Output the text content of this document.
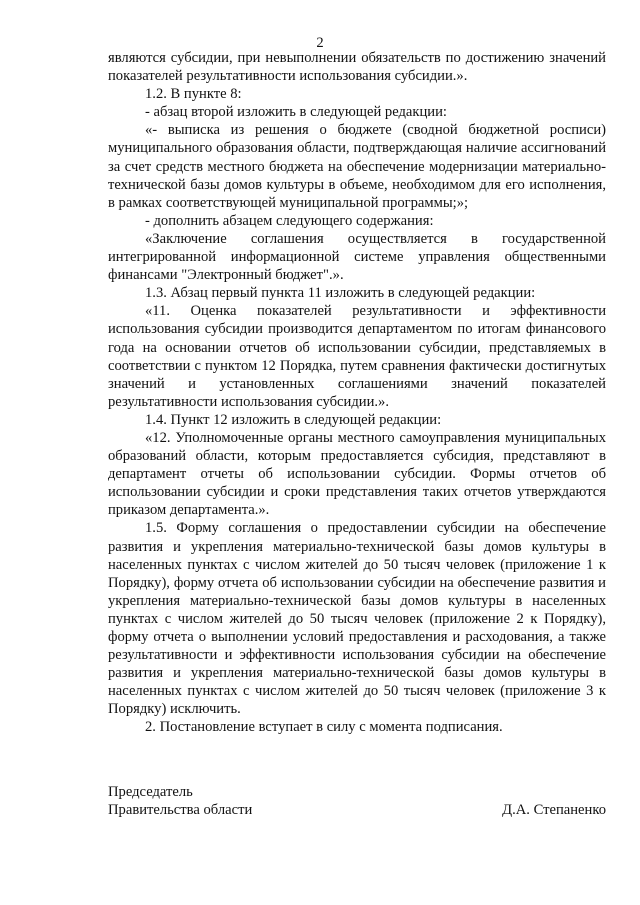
2

являются субсидии, при невыполнении обязательств по достижению значений показателей результативности использования субсидии.».

1.2. В пункте 8:

- абзац второй изложить в следующей редакции:

«- выписка из решения о бюджете (сводной бюджетной росписи) муниципального образования области, подтверждающая наличие ассигнований за счет средств местного бюджета на обеспечение модернизации материально-технической базы домов культуры в объеме, необходимом для его исполнения, в рамках соответствующей муниципальной программы;»;

- дополнить абзацем следующего содержания:

«Заключение соглашения осуществляется в государственной интегрированной информационной системе управления общественными финансами "Электронный бюджет".».

1.3. Абзац первый пункта 11 изложить в следующей редакции:

«11. Оценка показателей результативности и эффективности использования субсидии производится департаментом по итогам финансового года на основании отчетов об использовании субсидии, представляемых в соответствии с пунктом 12 Порядка, путем сравнения фактически достигнутых значений и установленных соглашениями значений показателей результативности использования субсидии.».

1.4. Пункт 12 изложить в следующей редакции:

«12. Уполномоченные органы местного самоуправления муниципальных образований области, которым предоставляется субсидия, представляют в департамент отчеты об использовании субсидии. Формы отчетов об использовании субсидии и сроки представления таких отчетов утверждаются приказом департамента.».

1.5. Форму соглашения о предоставлении субсидии на обеспечение развития и укрепления материально-технической базы домов культуры в населенных пунктах с числом жителей до 50 тысяч человек (приложение 1 к Порядку), форму отчета об использовании субсидии на обеспечение развития и укрепления материально-технической базы домов культуры в населенных пунктах с числом жителей до 50 тысяч человек (приложение 2 к Порядку), форму отчета о выполнении условий предоставления и расходования, а также результативности и эффективности использования субсидии на обеспечение развития и укрепления материально-технической базы домов культуры в населенных пунктах с числом жителей до 50 тысяч человек (приложение 3 к Порядку) исключить.

2. Постановление вступает в силу с момента подписания.

Председатель

Правительства области	Д.А. Степаненко
